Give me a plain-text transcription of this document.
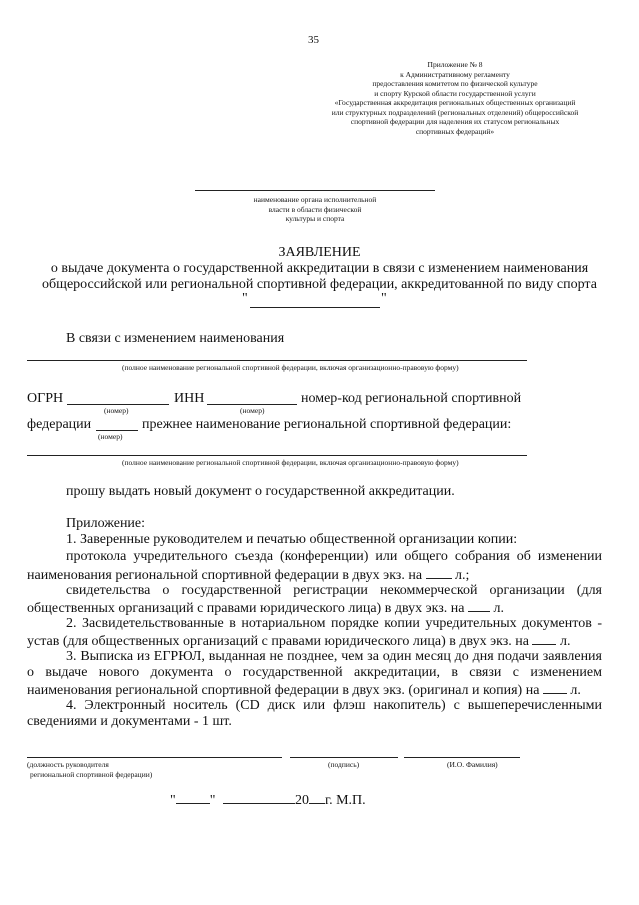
35
Приложение № 8
к Административному регламенту
предоставления комитетом по физической культуре
и спорту Курской области государственной услуги
«Государственная аккредитация региональных общественных организаций
или структурных подразделений (региональных отделений) общероссийской
спортивной федерации для наделения их статусом региональных
спортивных федераций»
наименование органа исполнительной
власти в области физической
культуры и спорта
ЗАЯВЛЕНИЕ
о выдаче документа о государственной аккредитации в связи с изменением наименования
общероссийской или региональной спортивной федерации, аккредитованной по виду спорта
"	"
В связи с изменением наименования
(полное наименование региональной спортивной федерации, включая организационно-правовую форму)
ОГРН	ИНН	номер-код региональной спортивной
(номер)	(номер)
федерации	прежнее наименование региональной спортивной федерации:
(номер)
(полное наименование региональной спортивной федерации, включая организационно-правовую форму)
прошу выдать новый документ о государственной аккредитации.
Приложение:
1. Заверенные руководителем и печатью общественной организации копии:
протокола учредительного съезда (конференции) или общего собрания об изменении
наименования региональной спортивной федерации в двух экз. на л.;
свидетельства о государственной регистрации некоммерческой организации (для
общественных организаций с правами юридического лица) в двух экз. на л.
2. Засвидетельствованные в нотариальном порядке копии учредительных документов -
устав (для общественных организаций с правами юридического лица) в двух экз. на л.
3. Выписка из ЕГРЮЛ, выданная не позднее, чем за один месяц до дня подачи заявления
о выдаче нового документа о государственной аккредитации, в связи с изменением
наименования региональной спортивной федерации в двух экз. (оригинал и копия) на л.
4. Электронный носитель (CD диск или флэш накопитель) с вышеперечисленными
сведениями и документами - 1 шт.
(должность руководителя
региональной спортивной федерации)
(подпись)	(И.О. Фамилия)
" "	20 г. М.П.
